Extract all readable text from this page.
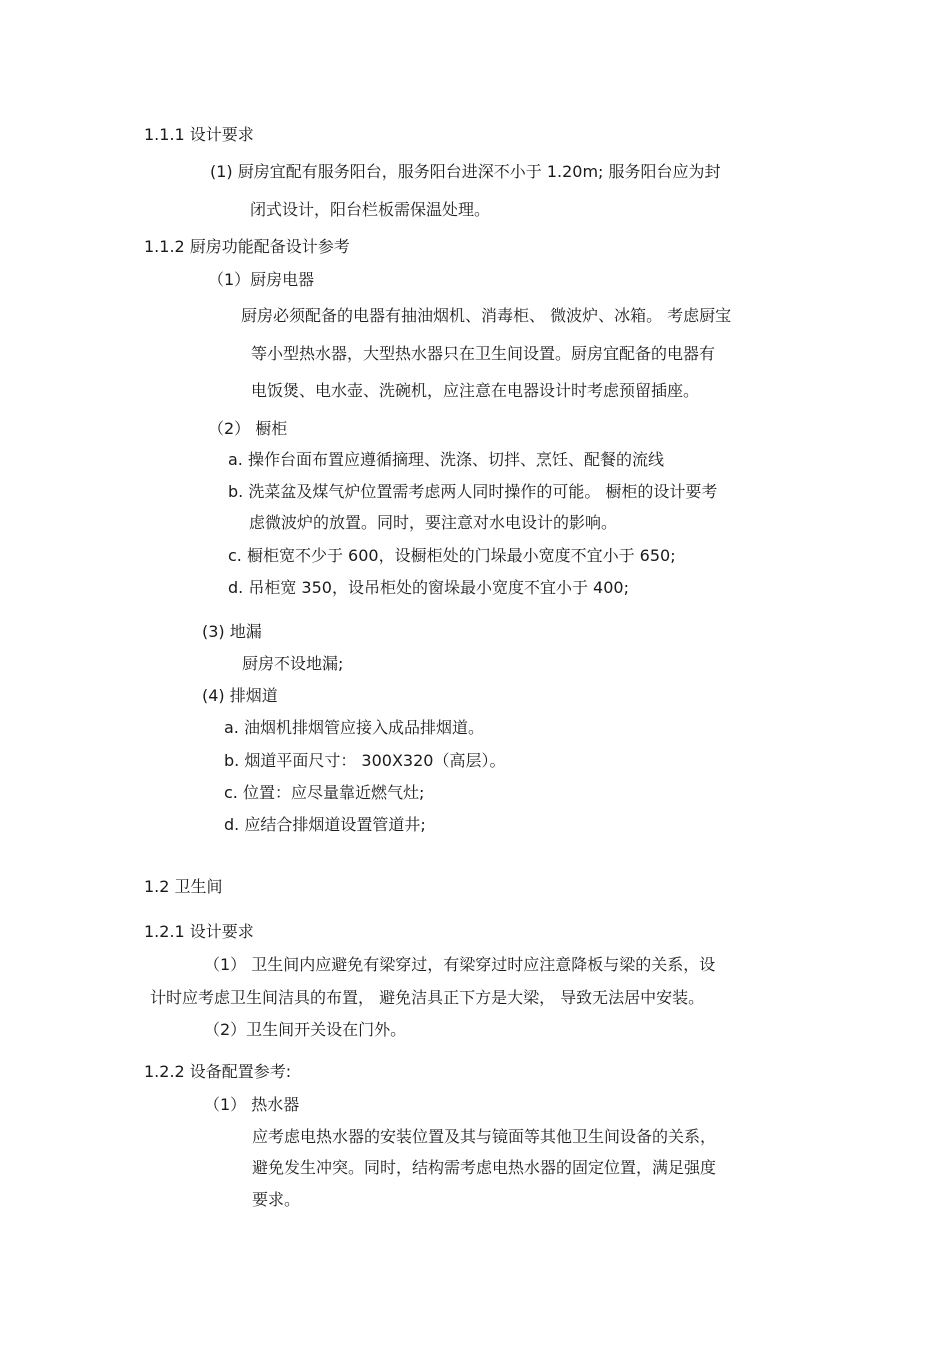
1.1.1 设计要求
(1) 厨房宜配有服务阳台，服务阳台进深不小于 1.20m; 服务阳台应为封
闭式设计，阳台栏板需保温处理。
1.1.2 厨房功能配备设计参考
（1）厨房电器
厨房必须配备的电器有抽油烟机、消毒柜、 微波炉、冰箱。 考虑厨宝
等小型热水器，大型热水器只在卫生间设置。厨房宜配备的电器有
电饭煲、电水壶、洗碗机，应注意在电器设计时考虑预留插座。
（2） 橱柜
a. 操作台面布置应遵循摘理、洗涤、切拌、烹饪、配餐的流线
b. 洗菜盆及煤气炉位置需考虑两人同时操作的可能。 橱柜的设计要考
虑微波炉的放置。同时，要注意对水电设计的影响。
c. 橱柜宽不少于 600，设橱柜处的门垛最小宽度不宜小于 650;
d. 吊柜宽 350，设吊柜处的窗垛最小宽度不宜小于 400;
(3) 地漏
厨房不设地漏;
(4) 排烟道
a. 油烟机排烟管应接入成品排烟道。
b. 烟道平面尺寸： 300X320（高层）。
c. 位置：应尽量靠近燃气灶;
d. 应结合排烟道设置管道井;
1.2 卫生间
1.2.1 设计要求
（1） 卫生间内应避免有梁穿过，有梁穿过时应注意降板与梁的关系，设
计时应考虑卫生间洁具的布置， 避免洁具正下方是大梁， 导致无法居中安装。
（2）卫生间开关设在门外。
1.2.2 设备配置参考:
（1） 热水器
应考虑电热水器的安装位置及其与镜面等其他卫生间设备的关系，
避免发生冲突。同时，结构需考虑电热水器的固定位置，满足强度
要求。
